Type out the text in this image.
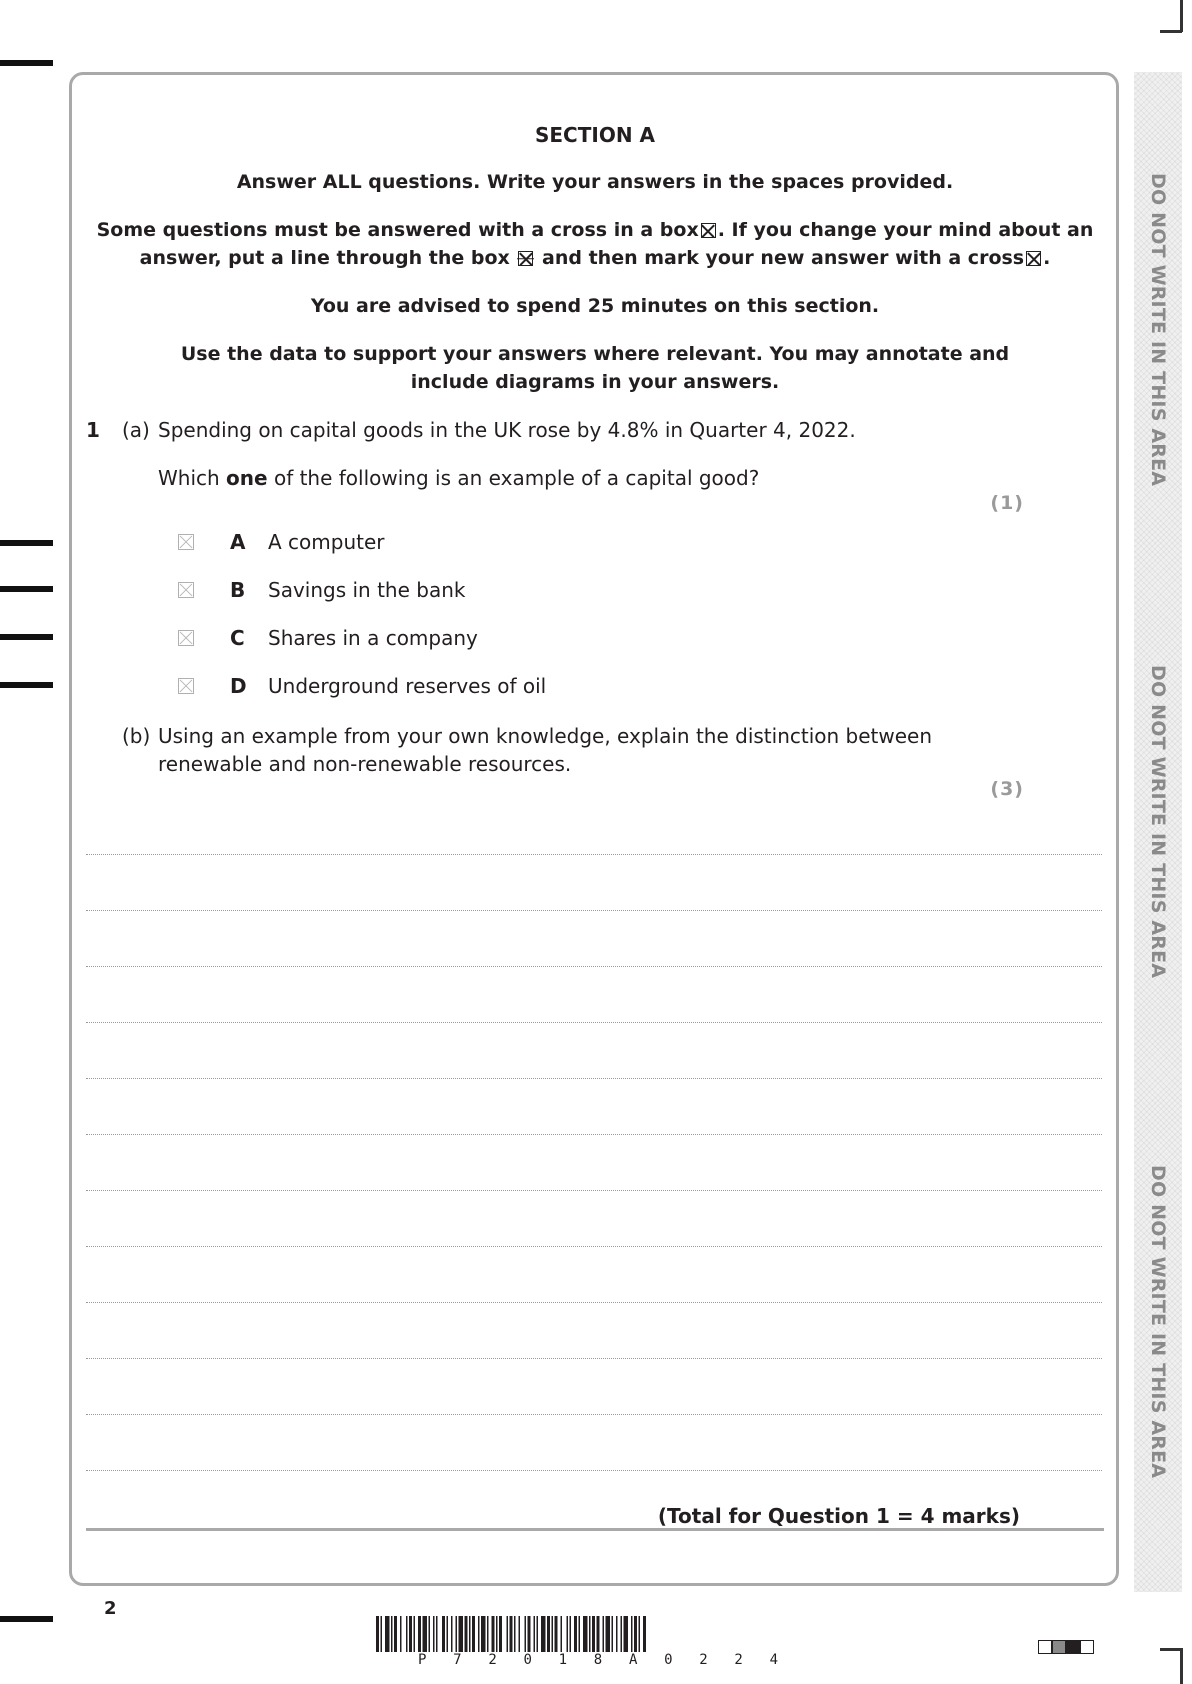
DO NOT WRITE IN THIS AREA
DO NOT WRITE IN THIS AREA
DO NOT WRITE IN THIS AREA
SECTION A
Answer ALL questions. Write your answers in the spaces provided.
Some questions must be answered with a cross in a box ☒ . If you change your mind about an
answer, put a line through the box and then mark your new answer with a cross ☒ .
You are advised to spend 25 minutes on this section.
Use the data to support your answers where relevant. You may annotate and
include diagrams in your answers.
1 (a) Spending on capital goods in the UK rose by 4.8% in Quarter 4, 2022.
Which one of the following is an example of a capital good?
(1)
A A computer
B Savings in the bank
C Shares in a company
D Underground reserves of oil
(b) Using an example from your own knowledge, explain the distinction between
renewable and non-renewable resources.
(3)
(Total for Question 1 = 4 marks)
2
P 7 2 0 1 8 A 0 2 2 4
